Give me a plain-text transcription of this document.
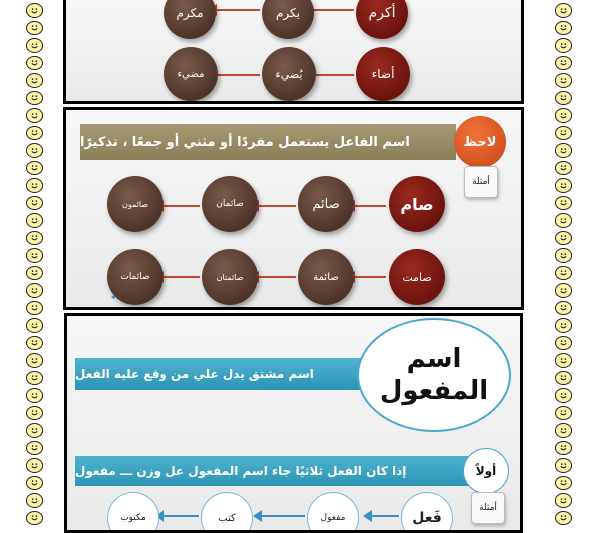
أكرم
يكرم
مكرم
أضاء
يُضيء
مضيء
اسم الفاعل يستعمل مفردًا أو مثني أو جمعًا ، تذكيرًا	لاحظ
أمثلة
صام
صائم
صائمان
صائمون
صامت
صائمة
صائمتان
صائمات
✦
اسم مشتق يدل علي من وقع عليه الفعل
اسم
المفعول
إذا كان الفعل ثلاثيًا جاء اسم المفعول عل وزن ـــ مفعول	أولاً
أمثلة
فَعل
مفعول
كتب
مكتوب
